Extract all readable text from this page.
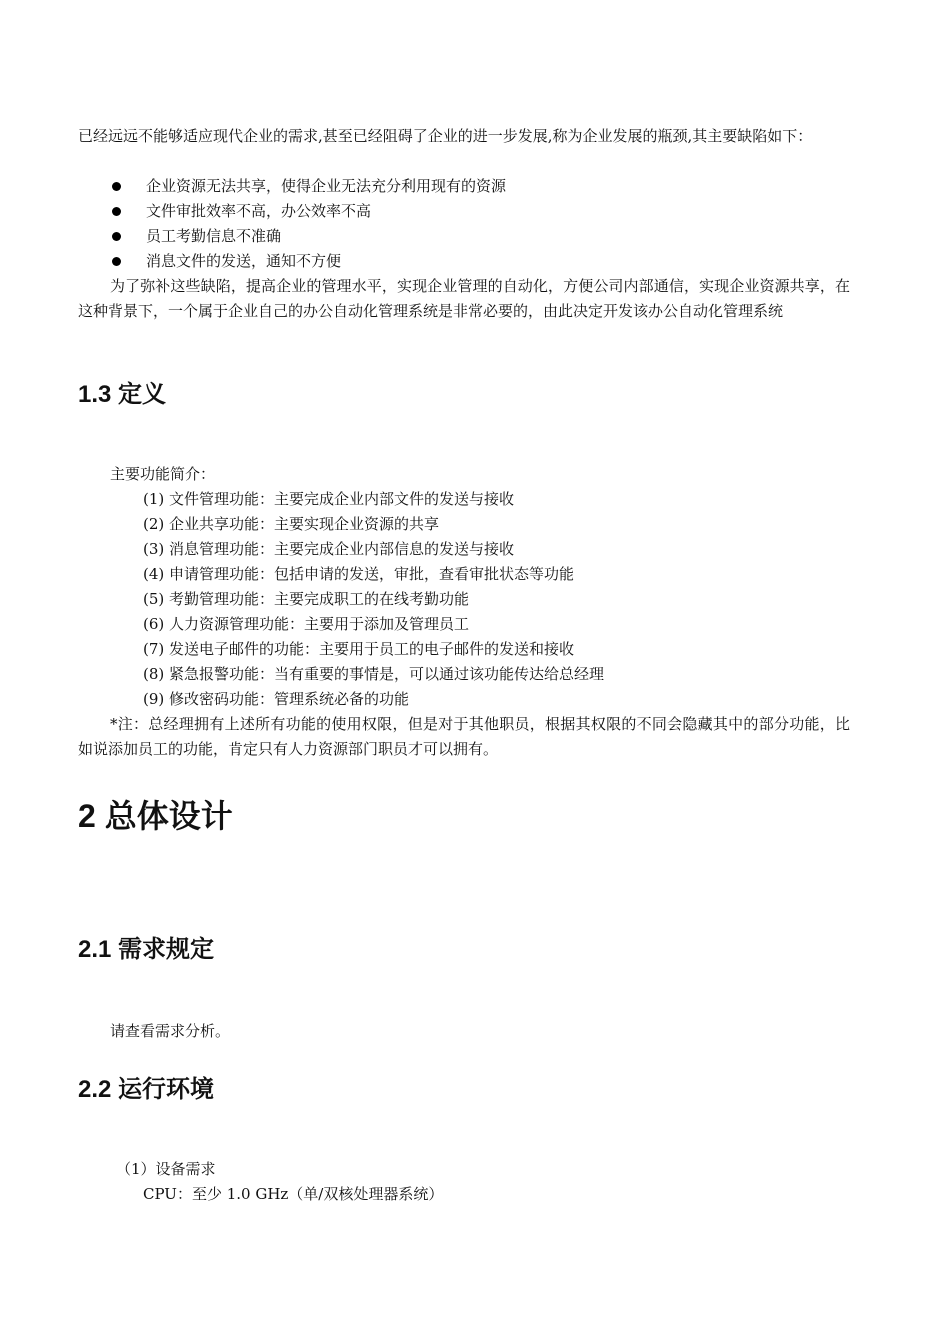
已经远远不能够适应现代企业的需求,甚至已经阻碍了企业的进一步发展,称为企业发展的瓶颈,其主要缺陷如下：

企业资源无法共享，使得企业无法充分利用现有的资源
文件审批效率不高，办公效率不高
员工考勤信息不准确
消息文件的发送，通知不方便

为了弥补这些缺陷，提高企业的管理水平，实现企业管理的自动化，方便公司内部通信，实现企业资源共享，在这种背景下，一个属于企业自己的办公自动化管理系统是非常必要的，由此决定开发该办公自动化管理系统

1.3 定义
主要功能简介：
(1) 文件管理功能：主要完成企业内部文件的发送与接收
(2) 企业共享功能：主要实现企业资源的共享
(3) 消息管理功能：主要完成企业内部信息的发送与接收
(4) 申请管理功能：包括申请的发送，审批，查看审批状态等功能
(5) 考勤管理功能：主要完成职工的在线考勤功能
(6) 人力资源管理功能：主要用于添加及管理员工
(7) 发送电子邮件的功能：主要用于员工的电子邮件的发送和接收
(8) 紧急报警功能：当有重要的事情是，可以通过该功能传达给总经理
(9) 修改密码功能：管理系统必备的功能

*注：总经理拥有上述所有功能的使用权限，但是对于其他职员，根据其权限的不同会隐藏其中的部分功能，比如说添加员工的功能，肯定只有人力资源部门职员才可以拥有。

2 总体设计
2.1 需求规定
请查看需求分析。
2.2 运行环境
（1）设备需求
CPU：至少 1.0 GHz（单/双核处理器系统）
